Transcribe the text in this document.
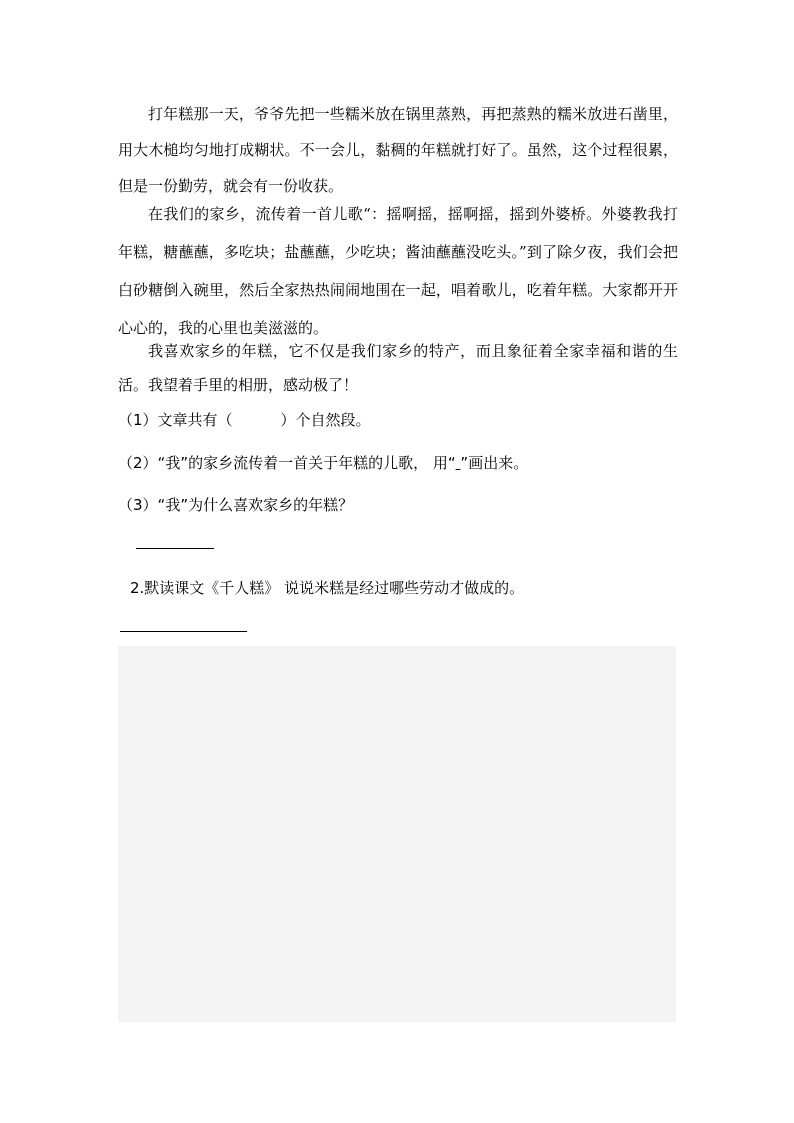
打年糕那一天，爷爷先把一些糯米放在锅里蒸熟，再把蒸熟的糯米放进石凿里，用大木槌均匀地打成糊状。不一会儿，黏稠的年糕就打好了。虽然，这个过程很累，但是一份勤劳，就会有一份收获。

在我们的家乡，流传着一首儿歌“：摇啊摇，摇啊摇，摇到外婆桥。外婆教我打年糕，糖蘸蘸，多吃块；盐蘸蘸，少吃块；酱油蘸蘸没吃头。”到了除夕夜，我们会把白砂糖倒入碗里，然后全家热热闹闹地围在一起，唱着歌儿，吃着年糕。大家都开开心心的，我的心里也美滋滋的。

我喜欢家乡的年糕，它不仅是我们家乡的特产，而且象征着全家幸福和谐的生活。我望着手里的相册，感动极了！

（1）文章共有（	）个自然段。
（2）“我”的家乡流传着一首关于年糕的儿歌， 用“ ”画出来。
（3）“我”为什么喜欢家乡的年糕？
2.默读课文《千人糕》 说说米糕是经过哪些劳动才做成的。
